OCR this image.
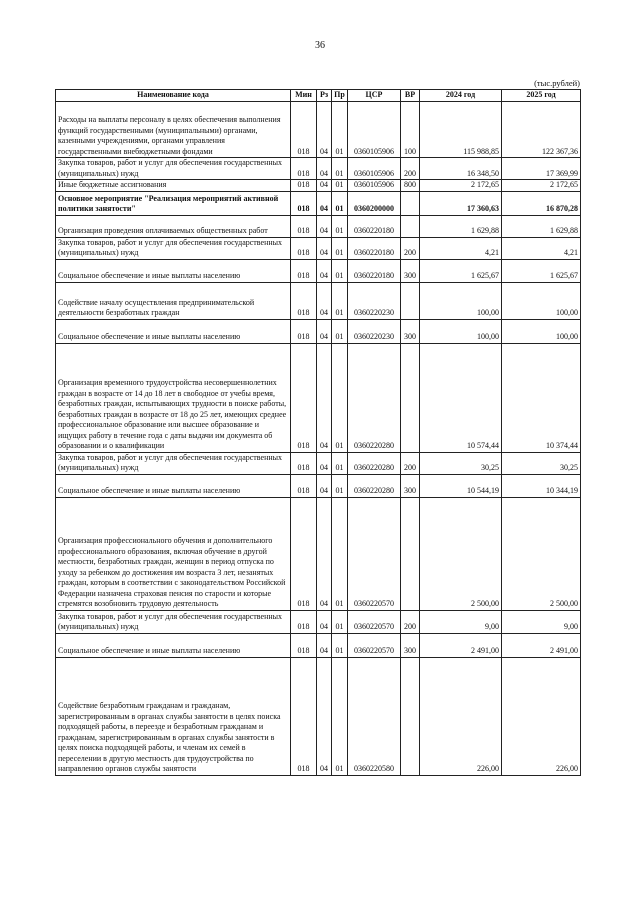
36
(тыс.рублей)
Наименование кода	Мин	Рз	Пр	ЦСР	ВР	2024 год	2025 год
Расходы на выплаты персоналу в целях обеспечения выполнения функций государственными (муниципальными) органами, казенными учреждениями, органами управления государственными внебюджетными фондами	018	04	01	0360105906	100	115 988,85	122 367,36
Закупка товаров, работ и услуг для обеспечения государственных (муниципальных) нужд	018	04	01	0360105906	200	16 348,50	17 369,99
Иные бюджетные ассигнования	018	04	01	0360105906	800	2 172,65	2 172,65
Основное мероприятие "Реализация мероприятий активной политики занятости"	018	04	01	0360200000		17 360,63	16 870,28
Организация проведения оплачиваемых общественных работ	018	04	01	0360220180		1 629,88	1 629,88
Закупка товаров, работ и услуг для обеспечения государственных (муниципальных) нужд	018	04	01	0360220180	200	4,21	4,21
Социальное обеспечение и иные выплаты населению	018	04	01	0360220180	300	1 625,67	1 625,67
Содействие началу осуществления предпринимательской деятельности безработных граждан	018	04	01	0360220230		100,00	100,00
Социальное обеспечение и иные выплаты населению	018	04	01	0360220230	300	100,00	100,00
Организация временного трудоустройства несовершеннолетних граждан в возрасте от 14 до 18 лет в свободное от учебы время, безработных граждан, испытывающих трудности в поиске работы, безработных граждан в возрасте от 18 до 25 лет, имеющих среднее профессиональное образование или высшее образование и ищущих работу в течение года с даты выдачи им документа об образовании и о квалификации	018	04	01	0360220280		10 574,44	10 374,44
Закупка товаров, работ и услуг для обеспечения государственных (муниципальных) нужд	018	04	01	0360220280	200	30,25	30,25
Социальное обеспечение и иные выплаты населению	018	04	01	0360220280	300	10 544,19	10 344,19
Организация профессионального обучения и дополнительного профессионального образования, включая обучение в другой местности, безработных граждан, женщин в период отпуска по уходу за ребенком до достижения им возраста 3 лет, незанятых граждан, которым в соответствии с законодательством Российской Федерации назначена страховая пенсия по старости и которые стремятся возобновить трудовую деятельность	018	04	01	0360220570		2 500,00	2 500,00
Закупка товаров, работ и услуг для обеспечения государственных (муниципальных) нужд	018	04	01	0360220570	200	9,00	9,00
Социальное обеспечение и иные выплаты населению	018	04	01	0360220570	300	2 491,00	2 491,00
Содействие безработным гражданам и гражданам, зарегистрированным в органах службы занятости в целях поиска подходящей работы, в переезде и безработным гражданам и гражданам, зарегистрированным в органах службы занятости в целях поиска подходящей работы, и членам их семей в переселении в другую местность для трудоустройства по направлению органов службы занятости	018	04	01	0360220580		226,00	226,00
